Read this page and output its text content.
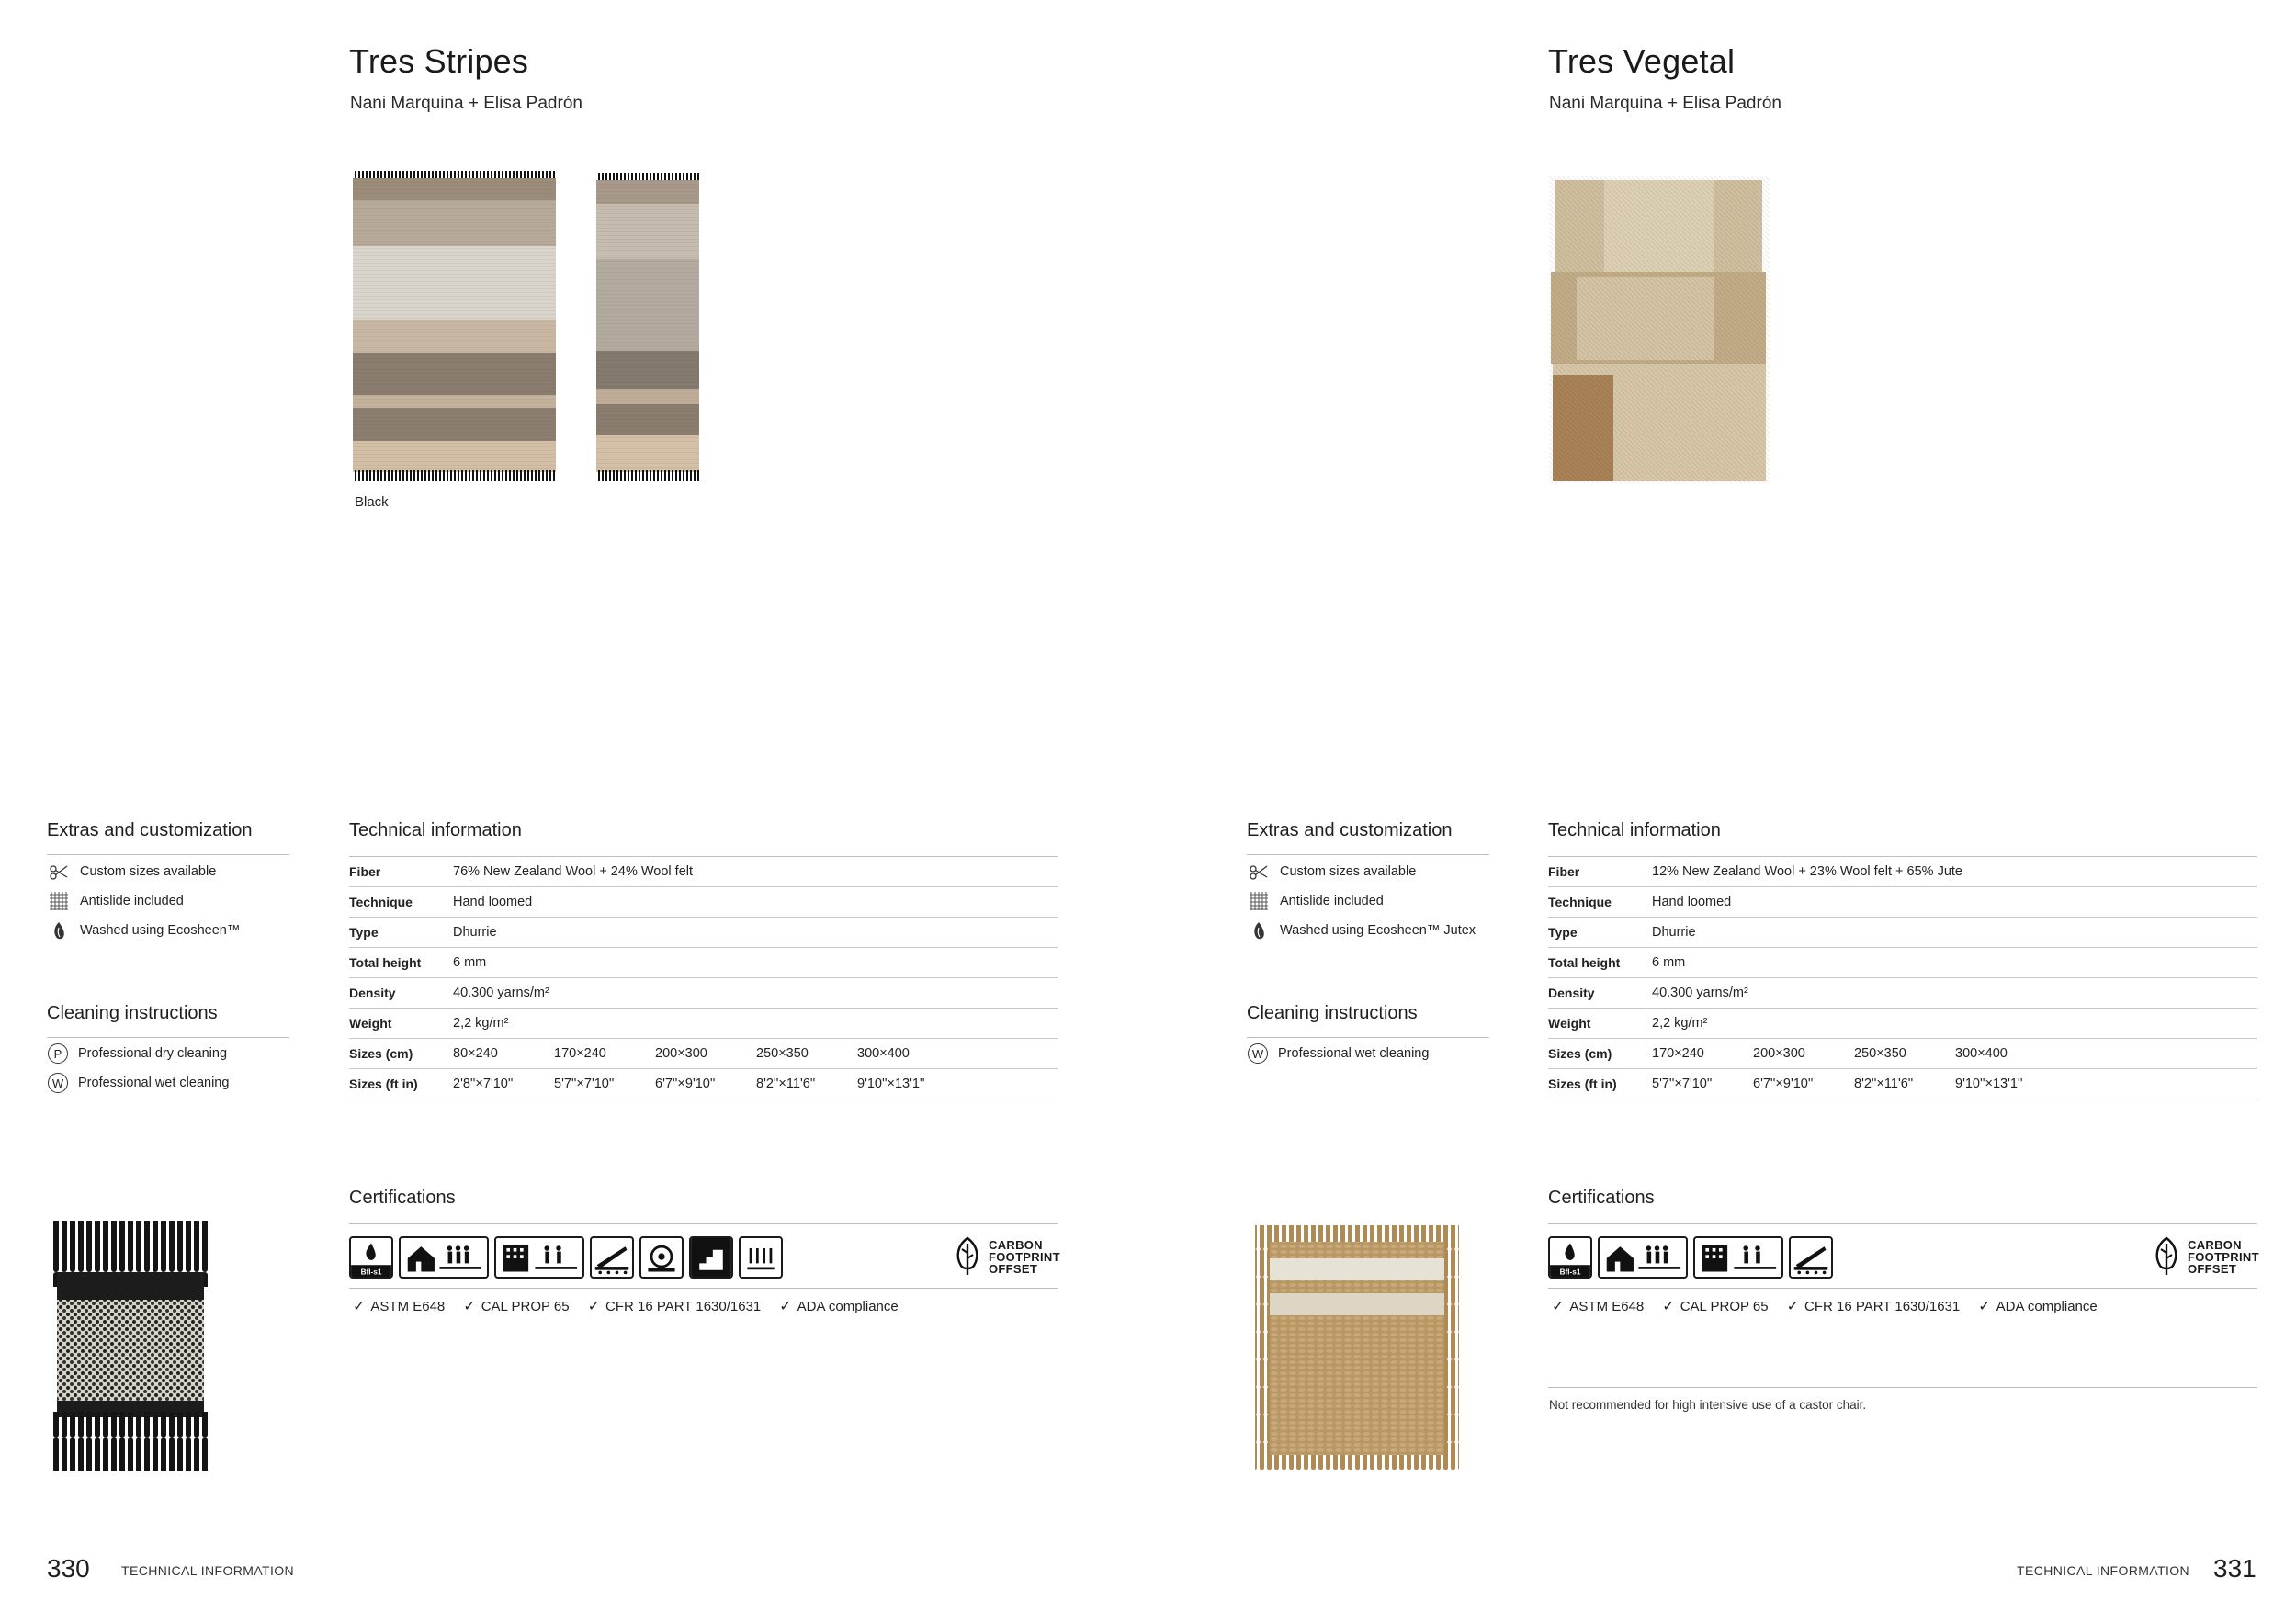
Tres Stripes
Nani Marquina + Elisa Padrón
Black
Extras and customization
Custom sizes available
Antislide included
Washed using Ecosheen™
Cleaning instructions
P	Professional dry cleaning
W	Professional wet cleaning
Technical information
Fiber	76% New Zealand Wool + 24% Wool felt				
Technique	Hand loomed				
Type	Dhurrie				
Total height	6 mm				
Density	40.300 yarns/m²				
Weight	2,2 kg/m²				
Sizes (cm)	80×240	170×240	200×300	250×350	300×400
Sizes (ft in)	2'8''×7'10''	5'7''×7'10''	6'7''×9'10''	8'2''×11'6''	9'10''×13'1''
Certifications
Bfl-s1
CARBON
FOOTPRINT
OFFSET
✓ ASTM E648 ✓ CAL PROP 65 ✓ CFR 16 PART 1630/1631 ✓ ADA compliance
330 TECHNICAL INFORMATION
Tres Vegetal
Nani Marquina + Elisa Padrón
Extras and customization
Custom sizes available
Antislide included
Washed using Ecosheen™ Jutex
Cleaning instructions
W	Professional wet cleaning
Technical information
Fiber	12% New Zealand Wool + 23% Wool felt + 65% Jute			
Technique	Hand loomed			
Type	Dhurrie			
Total height	6 mm			
Density	40.300 yarns/m²			
Weight	2,2 kg/m²			
Sizes (cm)	170×240	200×300	250×350	300×400
Sizes (ft in)	5'7''×7'10''	6'7''×9'10''	8'2''×11'6''	9'10''×13'1''
Certifications
Bfl-s1
CARBON
FOOTPRINT
OFFSET
✓ ASTM E648 ✓ CAL PROP 65 ✓ CFR 16 PART 1630/1631 ✓ ADA compliance
Not recommended for high intensive use of a castor chair.
TECHNICAL INFORMATION 331
